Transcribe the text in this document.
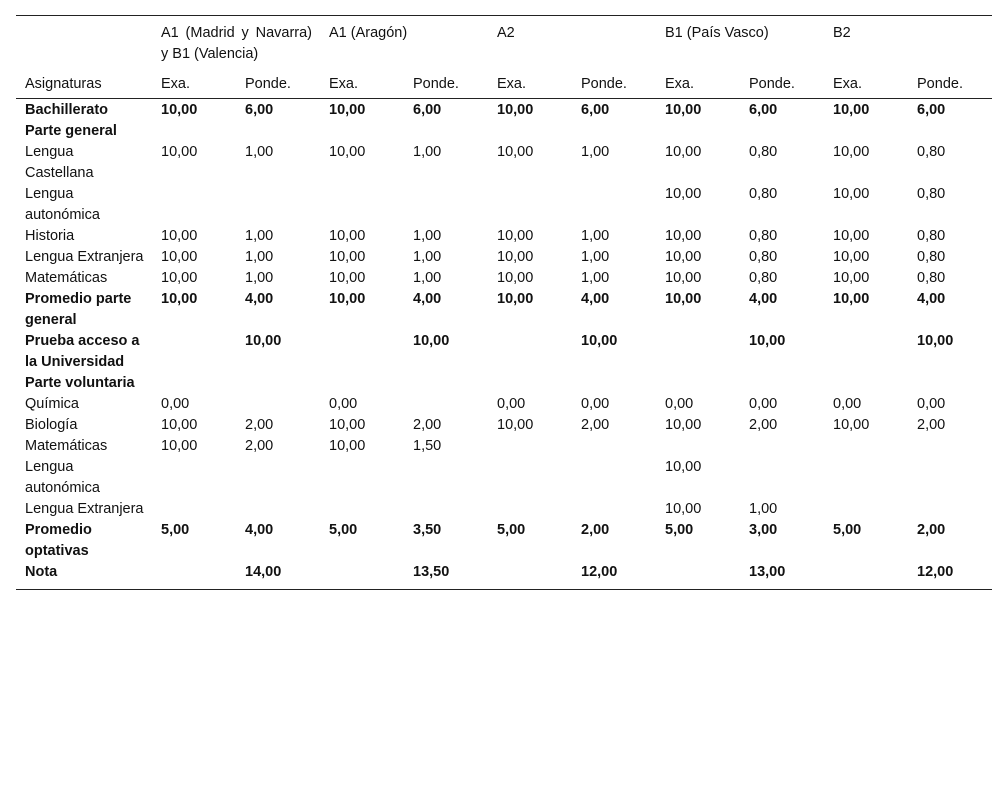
	A1 (Madrid y Navarra) y B1 (Valencia)		A1 (Aragón)		A2		B1 (País Vasco)		B2	
Asignaturas	Exa.	Ponde.	Exa.	Ponde.	Exa.	Ponde.	Exa.	Ponde.	Exa.	Ponde.
Bachillerato	10,00	6,00	10,00	6,00	10,00	6,00	10,00	6,00	10,00	6,00
Parte general										
Lengua Castellana	10,00	1,00	10,00	1,00	10,00	1,00	10,00	0,80	10,00	0,80
Lengua autonómica							10,00	0,80	10,00	0,80
Historia	10,00	1,00	10,00	1,00	10,00	1,00	10,00	0,80	10,00	0,80
Lengua Extranjera	10,00	1,00	10,00	1,00	10,00	1,00	10,00	0,80	10,00	0,80
Matemáticas	10,00	1,00	10,00	1,00	10,00	1,00	10,00	0,80	10,00	0,80
Promedio parte general	10,00	4,00	10,00	4,00	10,00	4,00	10,00	4,00	10,00	4,00
Prueba acceso a la Universidad		10,00		10,00		10,00		10,00		10,00
Parte voluntaria										
Química	0,00		0,00		0,00	0,00	0,00	0,00	0,00	0,00
Biología	10,00	2,00	10,00	2,00	10,00	2,00	10,00	2,00	10,00	2,00
Matemáticas	10,00	2,00	10,00	1,50						
Lengua autonómica							10,00			
Lengua Extranjera							10,00	1,00		
Promedio optativas	5,00	4,00	5,00	3,50	5,00	2,00	5,00	3,00	5,00	2,00
Nota		14,00		13,50		12,00		13,00		12,00
